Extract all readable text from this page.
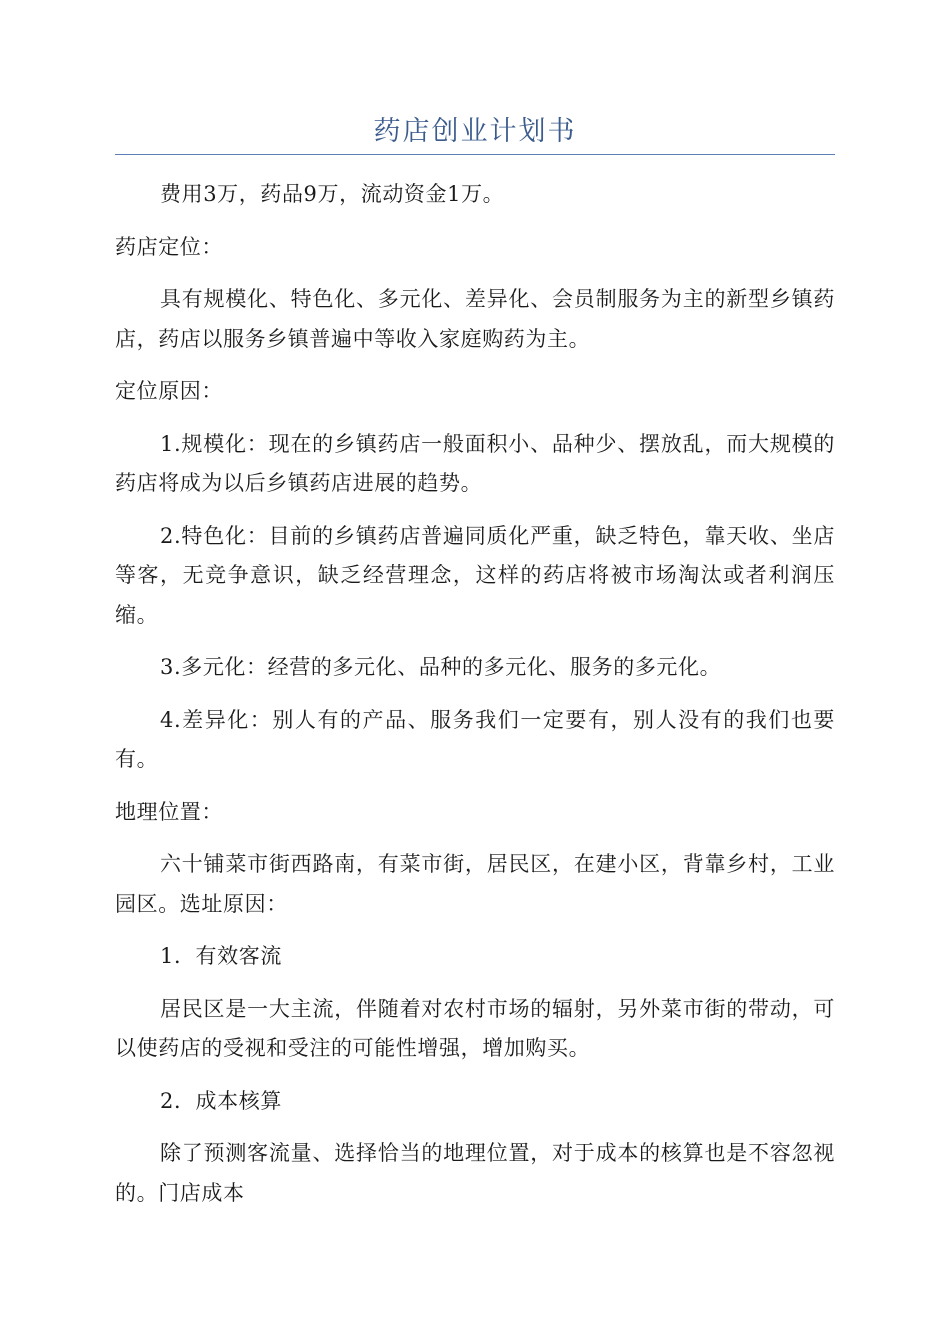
药店创业计划书

费用3万，药品9万，流动资金1万。

药店定位：

具有规模化、特色化、多元化、差异化、会员制服务为主的新型乡镇药店，药店以服务乡镇普遍中等收入家庭购药为主。

定位原因：

1.规模化：现在的乡镇药店一般面积小、品种少、摆放乱，而大规模的药店将成为以后乡镇药店进展的趋势。

2.特色化：目前的乡镇药店普遍同质化严重，缺乏特色，靠天收、坐店等客，无竞争意识，缺乏经营理念，这样的药店将被市场淘汰或者利润压缩。

3.多元化：经营的多元化、品种的多元化、服务的多元化。

4.差异化：别人有的产品、服务我们一定要有，别人没有的我们也要有。

地理位置：

六十铺菜市街西路南，有菜市街，居民区，在建小区，背靠乡村，工业园区。选址原因：

1．有效客流

居民区是一大主流，伴随着对农村市场的辐射，另外菜市街的带动，可以使药店的受视和受注的可能性增强，增加购买。

2．成本核算

除了预测客流量、选择恰当的地理位置，对于成本的核算也是不容忽视的。门店成本
